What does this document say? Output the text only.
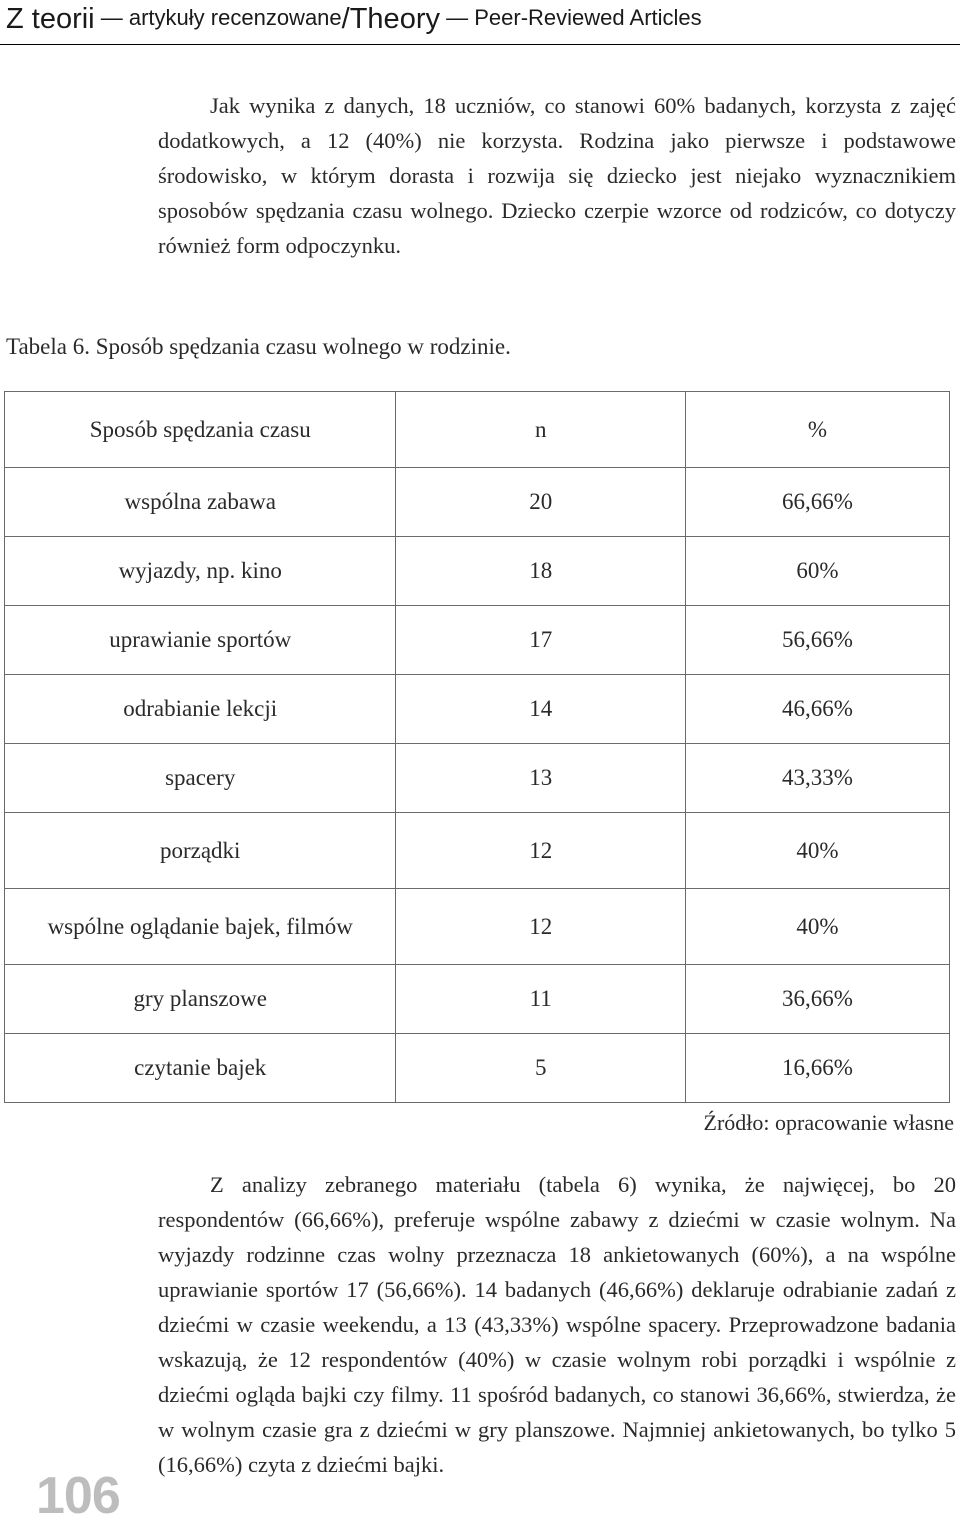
Z teorii — artykuły recenzowane/Theory — Peer-Reviewed Articles
Jak wynika z danych, 18 uczniów, co stanowi 60% badanych, korzysta z zajęć dodatkowych, a 12 (40%) nie korzysta. Rodzina jako pierwsze i podstawowe środowisko, w którym dorasta i rozwija się dziecko jest niejako wyznacznikiem sposobów spędzania czasu wolnego. Dziecko czerpie wzorce od rodziców, co dotyczy również form odpoczynku.
Tabela 6. Sposób spędzania czasu wolnego w rodzinie.
Sposób spędzania czasu	n	%
wspólna zabawa	20	66,66%
wyjazdy, np. kino	18	60%
uprawianie sportów	17	56,66%
odrabianie lekcji	14	46,66%
spacery	13	43,33%
porządki	12	40%
wspólne oglądanie bajek, filmów	12	40%
gry planszowe	11	36,66%
czytanie bajek	5	16,66%
Źródło: opracowanie własne
Z analizy zebranego materiału (tabela 6) wynika, że najwięcej, bo 20 respondentów (66,66%), preferuje wspólne zabawy z dziećmi w czasie wolnym. Na wyjazdy rodzinne czas wolny przeznacza 18 ankietowanych (60%), a na wspólne uprawianie sportów 17 (56,66%). 14 badanych (46,66%) deklaruje odrabianie zadań z dziećmi w czasie weekendu, a 13 (43,33%) wspólne spacery. Przeprowadzone badania wskazują, że 12 respondentów (40%) w czasie wolnym robi porządki i wspólnie z dziećmi ogląda bajki czy filmy. 11 spośród badanych, co stanowi 36,66%, stwierdza, że w wolnym czasie gra z dziećmi w gry planszowe. Najmniej ankietowanych, bo tylko 5 (16,66%) czyta z dziećmi bajki.
106
